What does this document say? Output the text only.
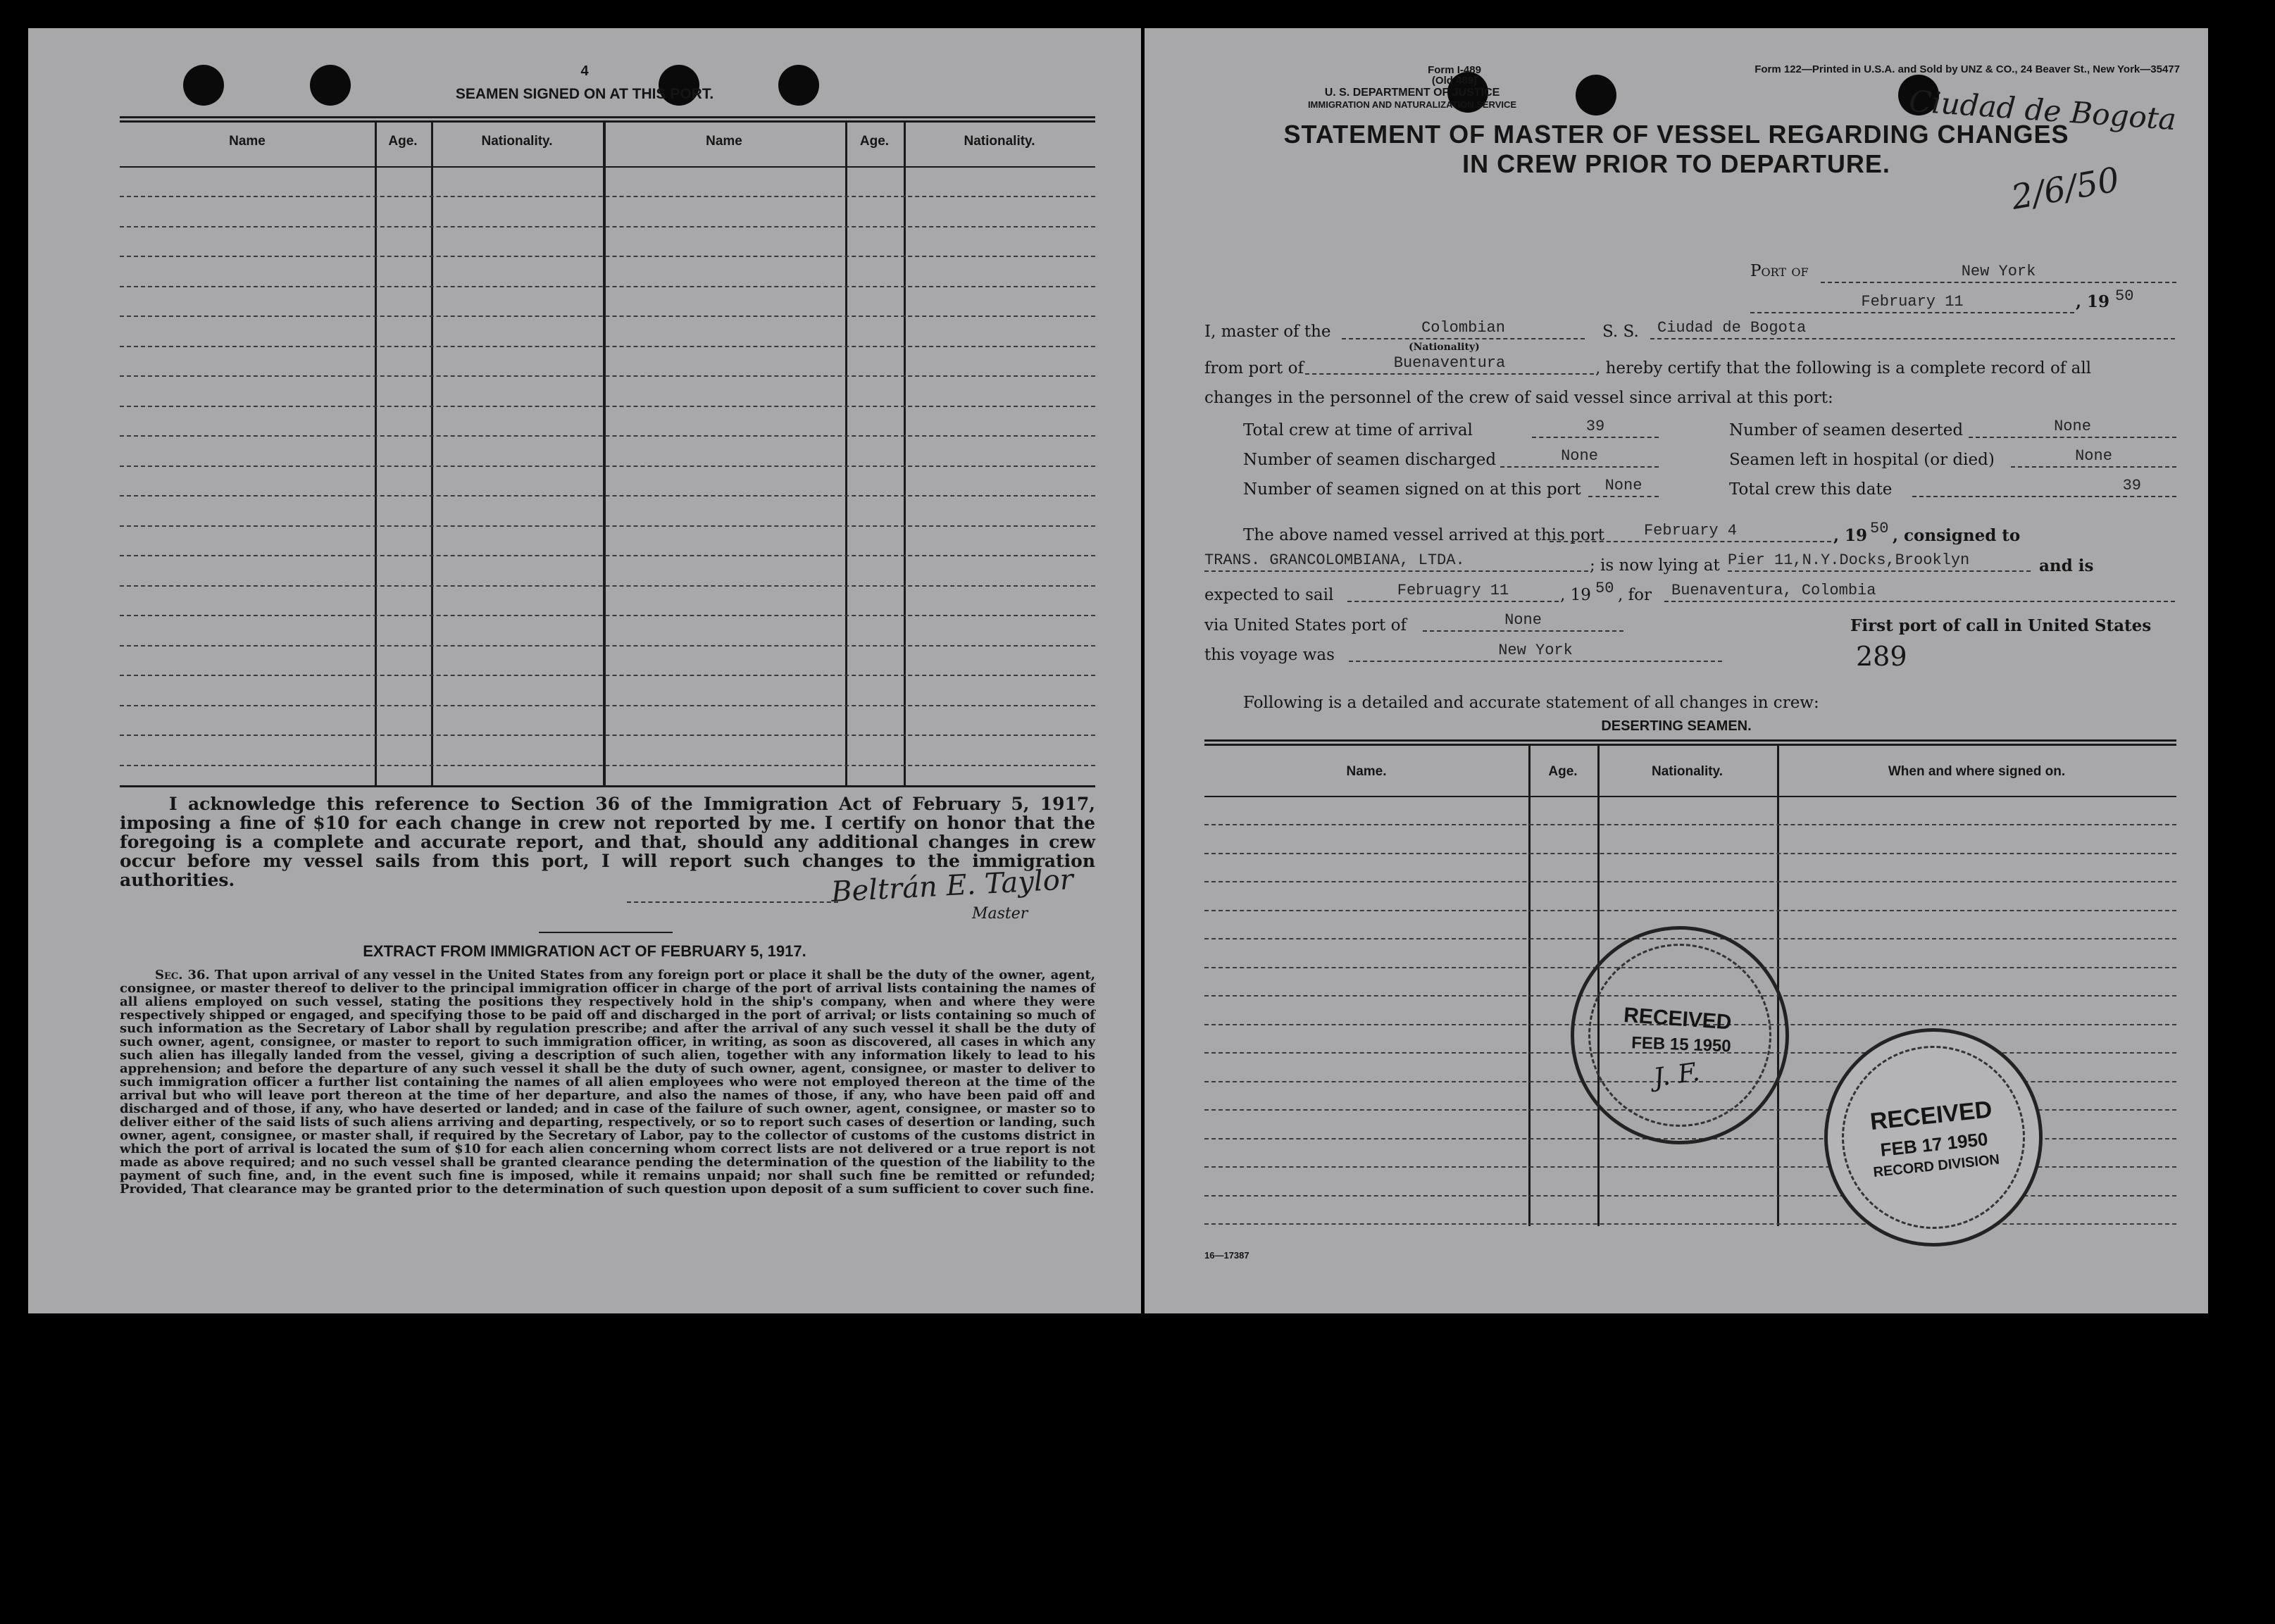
4
SEAMEN SIGNED ON AT THIS PORT.
Name	Age.	Nationality.	Name	Age.	Nationality.
I acknowledge this reference to Section 36 of the Immigration Act of February 5, 1917, imposing a fine of $10 for each change in crew not reported by me. I certify on honor that the foregoing is a complete and accurate report, and that, should any additional changes in crew occur before my vessel sails from this port, I will report such changes to the immigration authorities.	Beltrán E. Taylor
Master
EXTRACT FROM IMMIGRATION ACT OF FEBRUARY 5, 1917.
Sec. 36. That upon arrival of any vessel in the United States from any foreign port or place it shall be the duty of the owner, agent, consignee, or master thereof to deliver to the principal immigration officer in charge of the port of arrival lists containing the names of all aliens employed on such vessel, stating the positions they respectively hold in the ship's company, when and where they were respectively shipped or engaged, and specifying those to be paid off and discharged in the port of arrival; or lists containing so much of such information as the Secretary of Labor shall by regulation prescribe; and after the arrival of any such vessel it shall be the duty of such owner, agent, consignee, or master to report to such immigration officer, in writing, as soon as discovered, all cases in which any such alien has illegally landed from the vessel, giving a description of such alien, together with any information likely to lead to his apprehension; and before the departure of any such vessel it shall be the duty of such owner, agent, consignee, or master to deliver to such immigration officer a further list containing the names of all alien employees who were not employed thereon at the time of the arrival but who will leave port thereon at the time of her departure, and also the names of those, if any, who have been paid off and discharged and of those, if any, who have deserted or landed; and in case of the failure of such owner, agent, consignee, or master so to deliver either of the said lists of such aliens arriving and departing, respectively, or so to report such cases of desertion or landing, such owner, agent, consignee, or master shall, if required by the Secretary of Labor, pay to the collector of customs of the customs district in which the port of arrival is located the sum of $10 for each alien concerning whom correct lists are not delivered or a true report is not made as above required; and no such vessel shall be granted clearance pending the determination of the question of the liability to the payment of such fine, and, in the event such fine is imposed, while it remains unpaid; nor shall such fine be remitted or refunded; Provided, That clearance may be granted prior to the determination of such question upon deposit of a sum sufficient to cover such fine.
Form I-489
(Old 489)
U. S. DEPARTMENT OF JUSTICE
IMMIGRATION AND NATURALIZATION SERVICE
Form 122—Printed in U.S.A. and Sold by UNZ & CO., 24 Beaver St., New York—35477
Ciudad de Bogota
2/6/50
STATEMENT OF MASTER OF VESSEL REGARDING CHANGES
IN CREW PRIOR TO DEPARTURE.
Port of	New York
February 11	, 19 50
I, master of the	Colombian
(Nationality)
S. S.	Ciudad de Bogota
from port of	Buenaventura	, hereby certify that the following is a complete record of all
changes in the personnel of the crew of said vessel since arrival at this port:
Total crew at time of arrival	39	Number of seamen deserted	None
Number of seamen discharged	None	Seamen left in hospital (or died)	None
Number of seamen signed on at this port	None	Total crew this date	39
The above named vessel arrived at this port	February 4	, 19 50 , consigned to
TRANS. GRANCOLOMBIANA, LTDA.	; is now lying at Pier 11,N.Y.Docks,Brooklyn	and is
expected to sail	Februagry 11	, 19 50 , for	Buenaventura, Colombia
via United States port of	None	First port of call in United States
this voyage was	New York	289
Following is a detailed and accurate statement of all changes in crew:
DESERTING SEAMEN.
Name.	Age.	Nationality.	When and where signed on.
16—17387
RECEIVED
FEB 15 1950
J. F.
RECEIVED
FEB 17 1950
RECORD DIVISION
